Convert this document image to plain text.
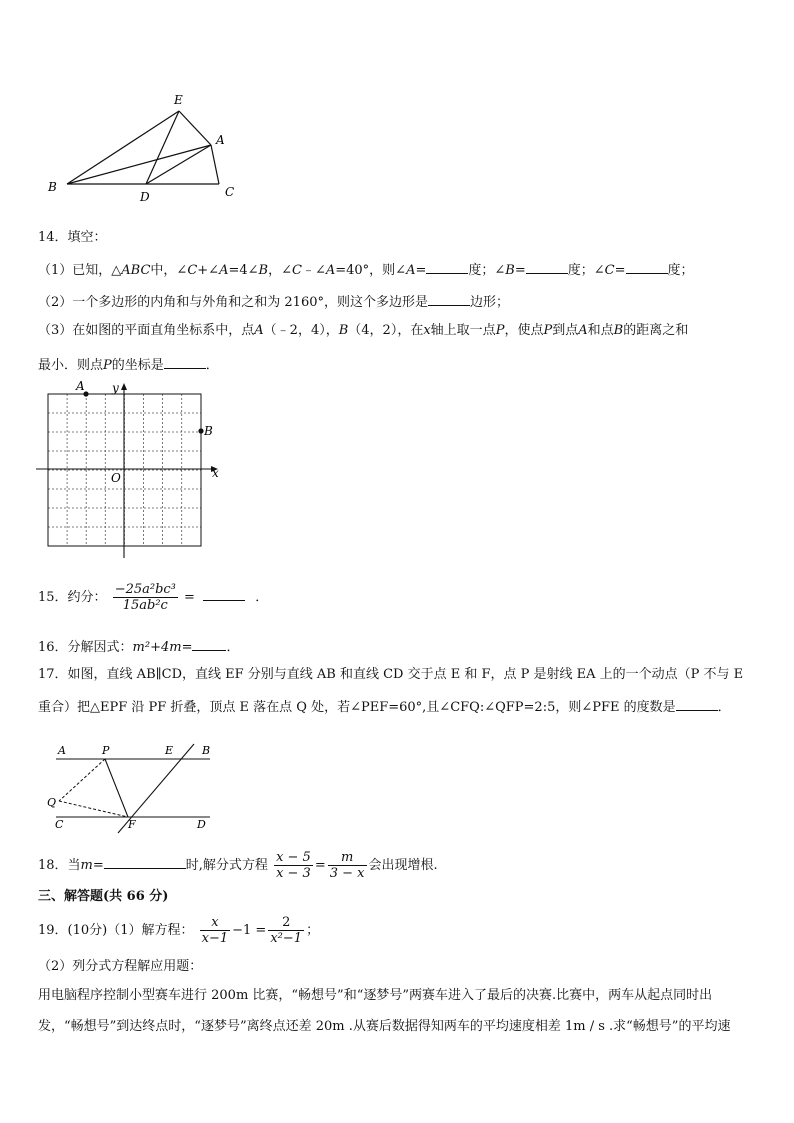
E
A
B
D	C
14．填空：
（1）已知，△ABC中，∠C+∠A=4∠B，∠C﹣∠A=40°，则∠A=	度；∠B=	度；∠C=	度；
（2）一个多边形的内角和与外角和之和为 2160°，则这个多边形是	边形；
（3）在如图的平面直角坐标系中，点A（﹣2，4），B（4，2），在x轴上取一点P，使点P到点A和点B的距离之和
最小．则点P的坐标是	．
A y
B
O	x
15．约分： $\frac{\text{−25a²bc³}}{\text{15ab²c}}$ =	．
16．分解因式：m²+4m=	．
17．如图，直线 AB∥CD，直线 EF 分别与直线 AB 和直线 CD 交于点 E 和 F，点 P 是射线 EA 上的一个动点（P 不与 E
重合）把△EPF 沿 PF 折叠，顶点 E 落在点 Q 处，若∠PEF=60°,且∠CFQ:∠QFP=2:5，则∠PFE 的度数是	．
A	P	E	B
Q
C	F	D
18．当m=	时,解分式方程 $\frac{x - 5}{x - 3} = \frac{m}{3 - x}$ 会出现增根.
三、解答题(共 66 分)
19．(10分)（1）解方程： $\frac{x}{x-1} -1 = \frac{2}{\text{x²−1}}$ ；
（2）列分式方程解应用题：
用电脑程序控制小型赛车进行 200m 比赛，“畅想号”和“逐梦号”两赛车进入了最后的决赛.比赛中，两车从起点同时出
发，“畅想号”到达终点时，“逐梦号”离终点还差 20m .从赛后数据得知两车的平均速度相差 1m / s .求“畅想号”的平均速
